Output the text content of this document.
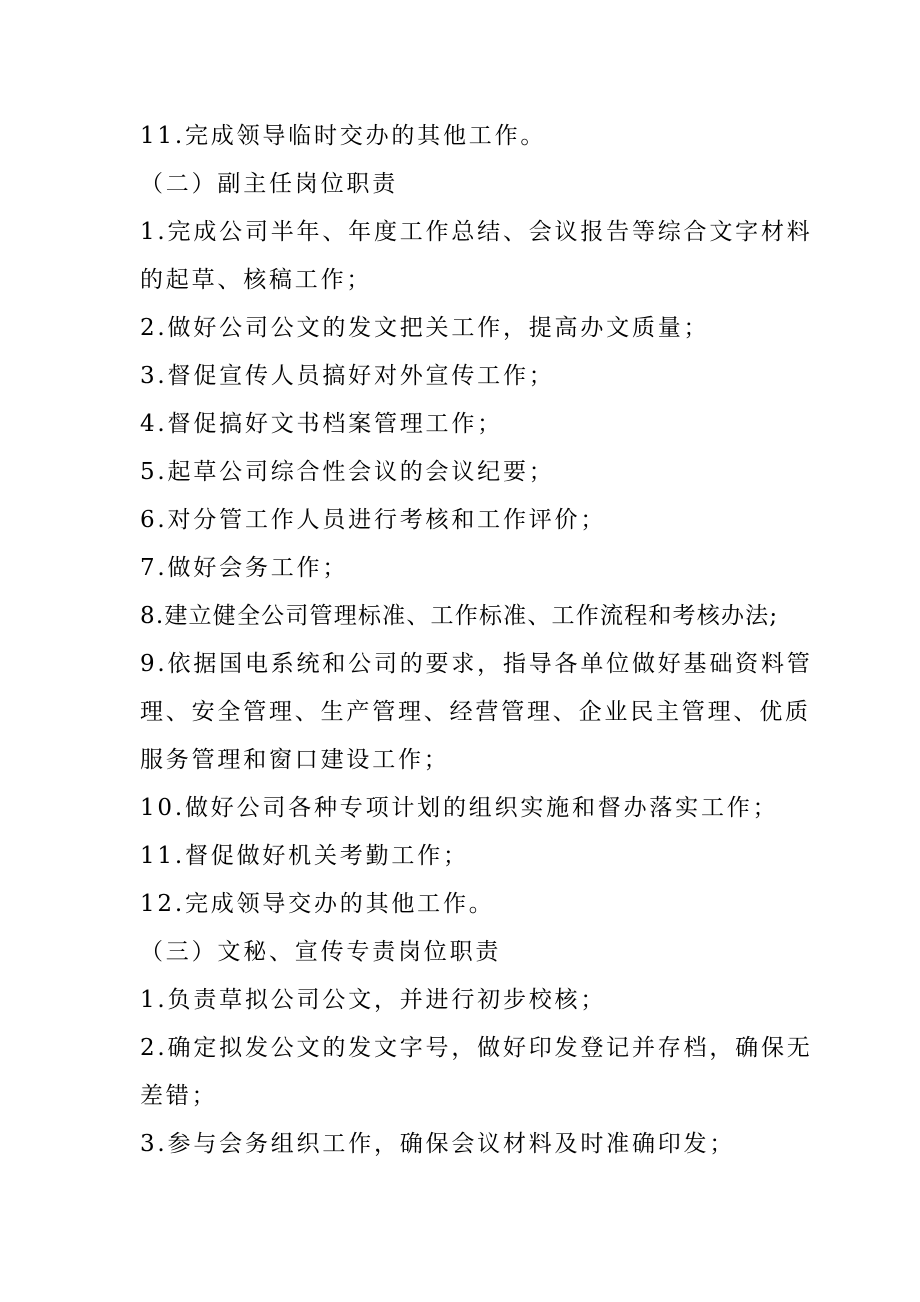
11.完成领导临时交办的其他工作。
（二）副主任岗位职责
1.完成公司半年、年度工作总结、会议报告等综合文字材料
的起草、核稿工作；
2.做好公司公文的发文把关工作，提高办文质量；
3.督促宣传人员搞好对外宣传工作；
4.督促搞好文书档案管理工作；
5.起草公司综合性会议的会议纪要；
6.对分管工作人员进行考核和工作评价；
7.做好会务工作；
8.建立健全公司管理标准、工作标准、工作流程和考核办法;
9.依据国电系统和公司的要求，指导各单位做好基础资料管
理、安全管理、生产管理、经营管理、企业民主管理、优质
服务管理和窗口建设工作；
10.做好公司各种专项计划的组织实施和督办落实工作；
11.督促做好机关考勤工作；
12.完成领导交办的其他工作。
（三）文秘、宣传专责岗位职责
1.负责草拟公司公文，并进行初步校核；
2.确定拟发公文的发文字号，做好印发登记并存档，确保无
差错；
3.参与会务组织工作，确保会议材料及时准确印发；
